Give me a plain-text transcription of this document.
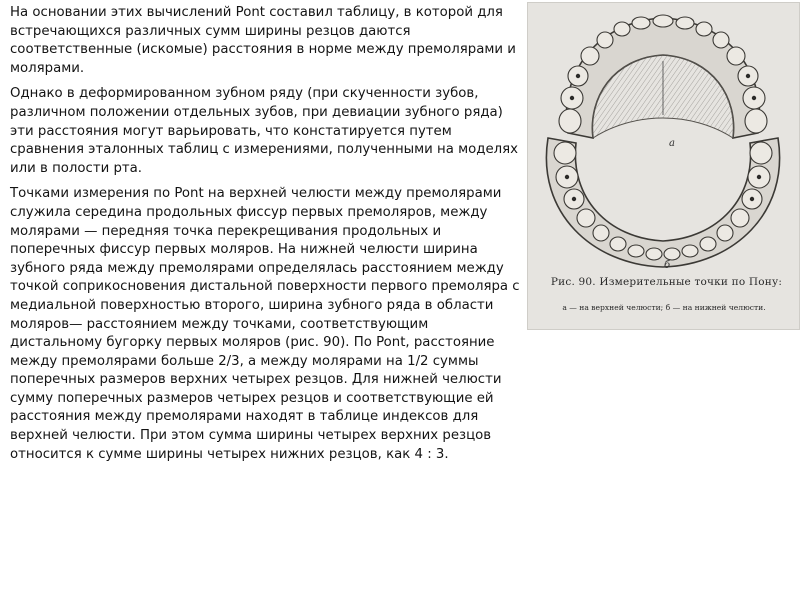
На основании этих вычислений Pont составил таблицу, в которой для встречающихся различных сумм ширины резцов даются соответственные (искомые) расстояния в норме между премолярами и молярами.

Однако в деформированном зубном ряду (при скученности зубов, различном положении отдельных зубов, при девиации зубного ряда) эти расстояния могут варьировать, что констатируется путем сравнения эталонных таблиц с измерениями, полученными на моделях или в полости рта.

Точками измерения по Pont на верхней челюсти между премолярами служила середина продольных фиссур первых премоляров, между молярами — передняя точка перекрещивания продольных и поперечных фиссур первых моляров. На нижней челюсти ширина зубного ряда между премолярами определялась расстоянием между точкой соприкосновения дистальной поверхности первого премоляра с медиальной поверхностью второго, ширина зубного ряда в области моляров— расстоянием между точками, соответствующим дистальному бугорку первых моляров (рис. 90). По Pont, расстояние между премолярами больше 2/3, а между молярами на 1/2 суммы поперечных размеров верхних четырех резцов. Для нижней челюсти сумму поперечных размеров четырех резцов и соответствующие ей расстояния между премолярами находят в таблице индексов для верхней челюсти. При этом сумма ширины четырех верхних резцов относится к сумме ширины четырех нижних резцов, как 4 : 3.

а
б
Рис. 90. Измерительные точки по Пону:
а — на верхней челюсти; б — на нижней челюсти.
